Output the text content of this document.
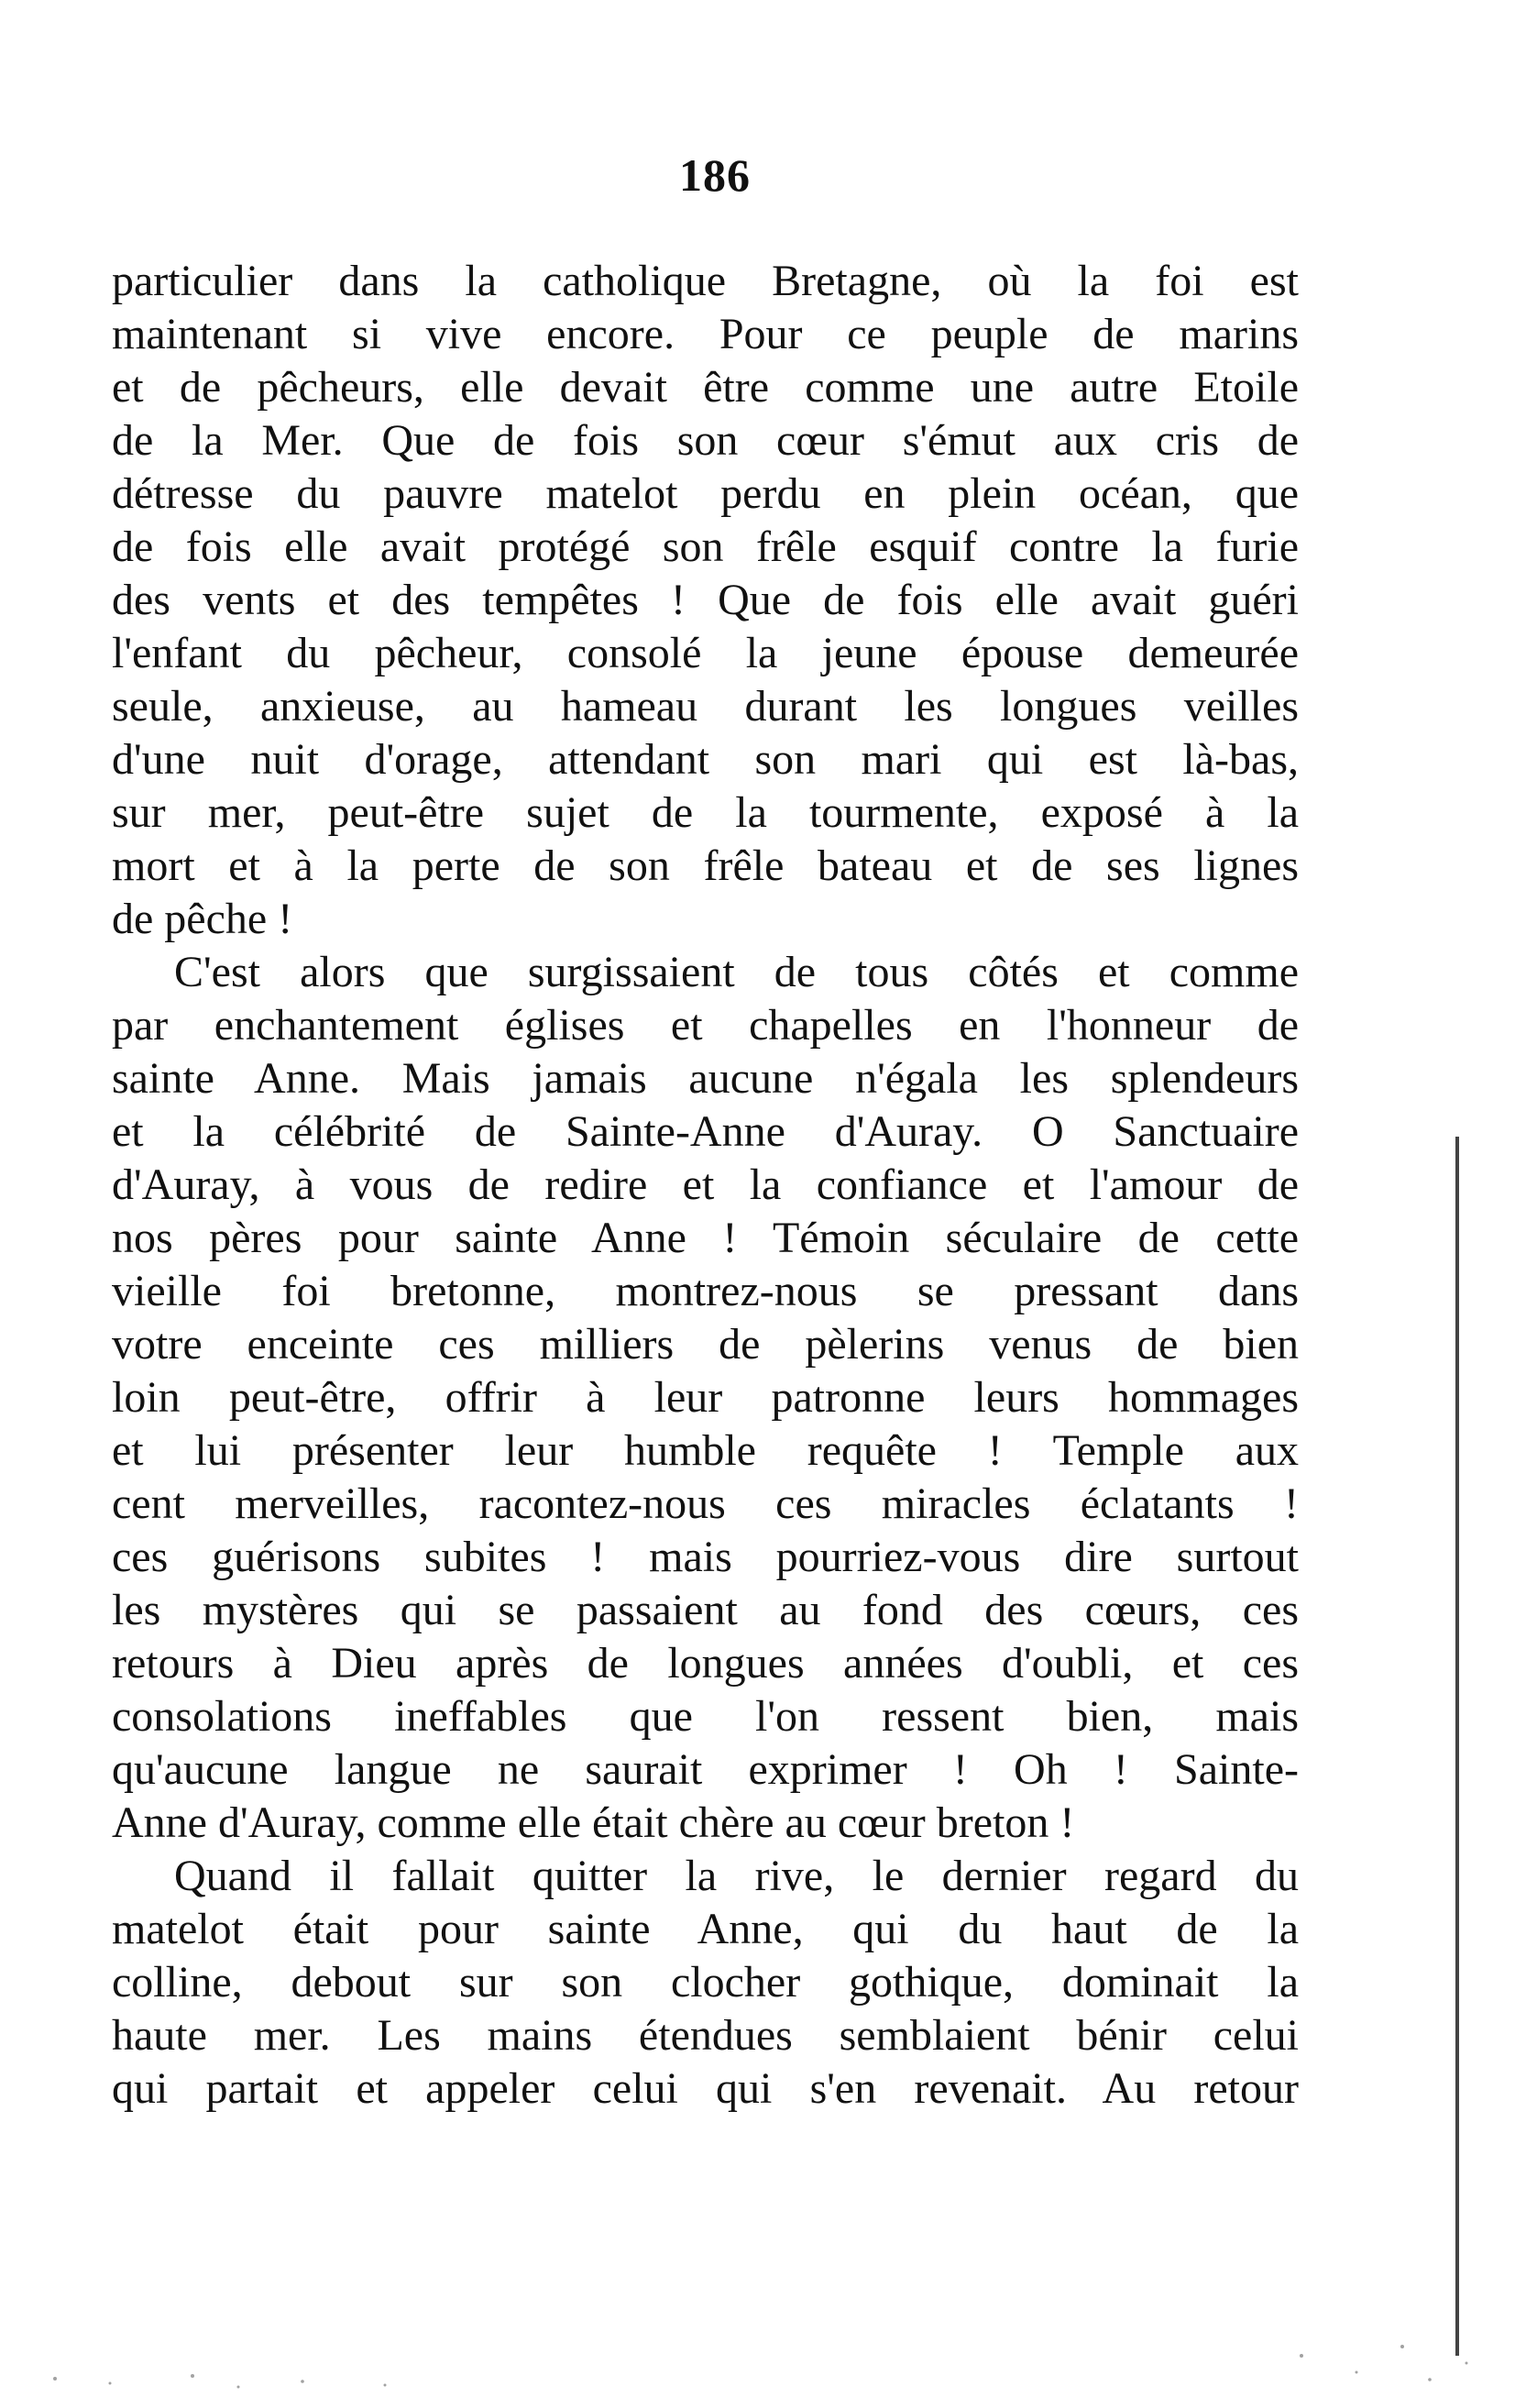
186
particulier dans la catholique Bretagne, où la foi est
maintenant si vive encore. Pour ce peuple de marins
et de pêcheurs, elle devait être comme une autre Etoile
de la Mer. Que de fois son cœur s'émut aux cris de
détresse du pauvre matelot perdu en plein océan, que
de fois elle avait protégé son frêle esquif contre la furie
des vents et des tempêtes ! Que de fois elle avait guéri
l'enfant du pêcheur, consolé la jeune épouse demeurée
seule, anxieuse, au hameau durant les longues veilles
d'une nuit d'orage, attendant son mari qui est là-bas,
sur mer, peut-être sujet de la tourmente, exposé à la
mort et à la perte de son frêle bateau et de ses lignes
de pêche !
C'est alors que surgissaient de tous côtés et comme
par enchantement églises et chapelles en l'honneur de
sainte Anne. Mais jamais aucune n'égala les splendeurs
et la célébrité de Sainte-Anne d'Auray. O Sanctuaire
d'Auray, à vous de redire et la confiance et l'amour de
nos pères pour sainte Anne ! Témoin séculaire de cette
vieille foi bretonne, montrez-nous se pressant dans
votre enceinte ces milliers de pèlerins venus de bien
loin peut-être, offrir à leur patronne leurs hommages
et lui présenter leur humble requête ! Temple aux
cent merveilles, racontez-nous ces miracles éclatants !
ces guérisons subites ! mais pourriez-vous dire surtout
les mystères qui se passaient au fond des cœurs, ces
retours à Dieu après de longues années d'oubli, et ces
consolations ineffables que l'on ressent bien, mais
qu'aucune langue ne saurait exprimer ! Oh ! Sainte-
Anne d'Auray, comme elle était chère au cœur breton !
Quand il fallait quitter la rive, le dernier regard du
matelot était pour sainte Anne, qui du haut de la
colline, debout sur son clocher gothique, dominait la
haute mer. Les mains étendues semblaient bénir celui
qui partait et appeler celui qui s'en revenait. Au retour
